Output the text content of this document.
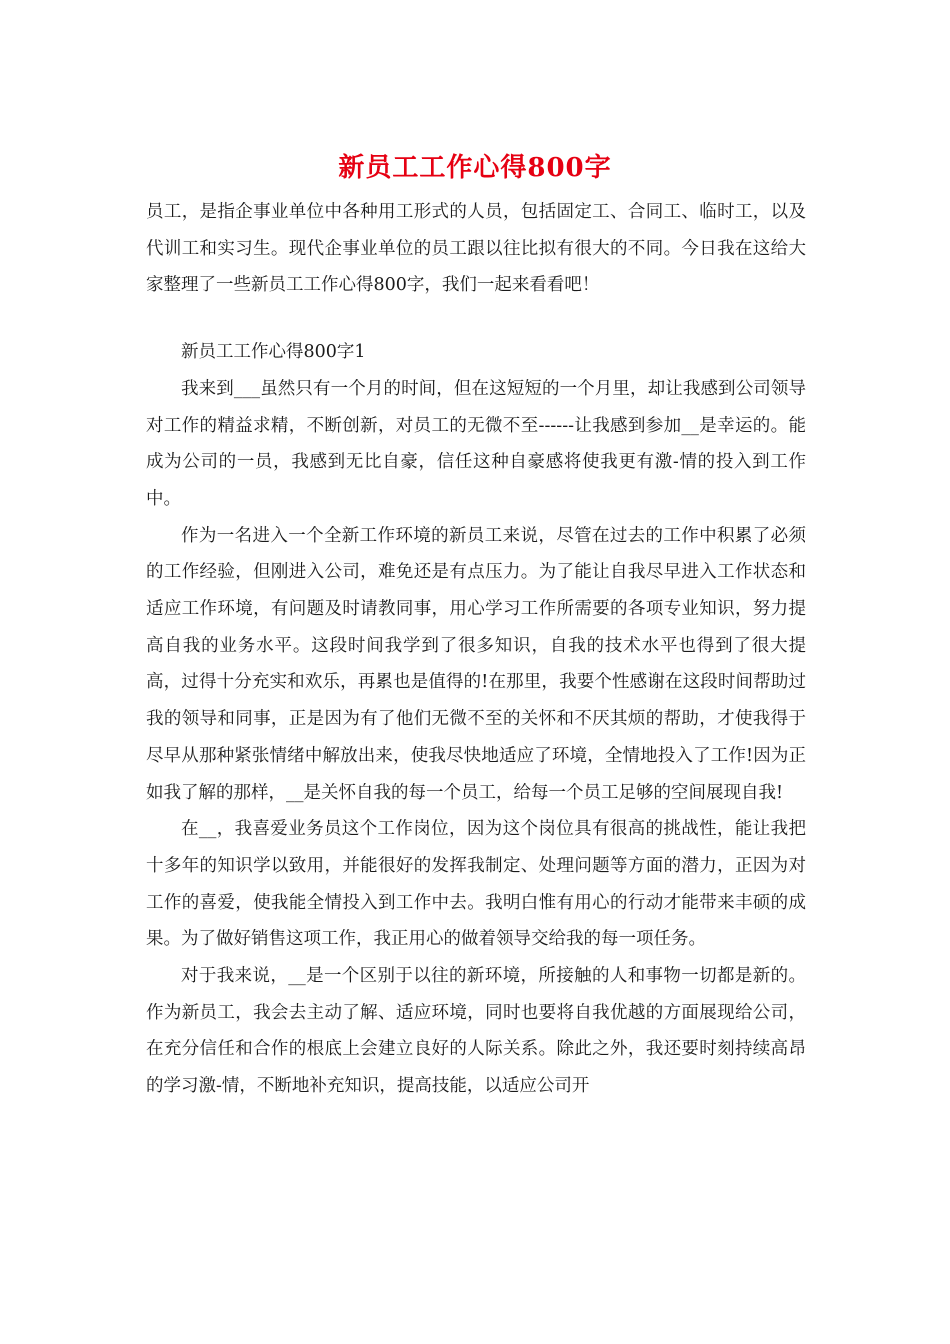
新员工工作心得800字

员工，是指企事业单位中各种用工形式的人员，包括固定工、合同工、临时工，以及代训工和实习生。现代企事业单位的员工跟以往比拟有很大的不同。今日我在这给大家整理了一些新员工工作心得800字，我们一起来看看吧！

新员工工作心得800字1

我来到___虽然只有一个月的时间，但在这短短的一个月里，却让我感到公司领导对工作的精益求精，不断创新，对员工的无微不至------让我感到参加__是幸运的。能成为公司的一员，我感到无比自豪，信任这种自豪感将使我更有激-情的投入到工作中。

作为一名进入一个全新工作环境的新员工来说，尽管在过去的工作中积累了必须的工作经验，但刚进入公司，难免还是有点压力。为了能让自我尽早进入工作状态和适应工作环境，有问题及时请教同事，用心学习工作所需要的各项专业知识，努力提高自我的业务水平。这段时间我学到了很多知识，自我的技术水平也得到了很大提高，过得十分充实和欢乐，再累也是值得的!在那里，我要个性感谢在这段时间帮助过我的领导和同事，正是因为有了他们无微不至的关怀和不厌其烦的帮助，才使我得于尽早从那种紧张情绪中解放出来，使我尽快地适应了环境，全情地投入了工作!因为正如我了解的那样，__是关怀自我的每一个员工，给每一个员工足够的空间展现自我!

在__，我喜爱业务员这个工作岗位，因为这个岗位具有很高的挑战性，能让我把十多年的知识学以致用，并能很好的发挥我制定、处理问题等方面的潜力，正因为对工作的喜爱，使我能全情投入到工作中去。我明白惟有用心的行动才能带来丰硕的成果。为了做好销售这项工作，我正用心的做着领导交给我的每一项任务。

对于我来说，__是一个区别于以往的新环境，所接触的人和事物一切都是新的。作为新员工，我会去主动了解、适应环境，同时也要将自我优越的方面展现给公司，在充分信任和合作的根底上会建立良好的人际关系。除此之外，我还要时刻持续高昂的学习激-情，不断地补充知识，提高技能，以适应公司开
